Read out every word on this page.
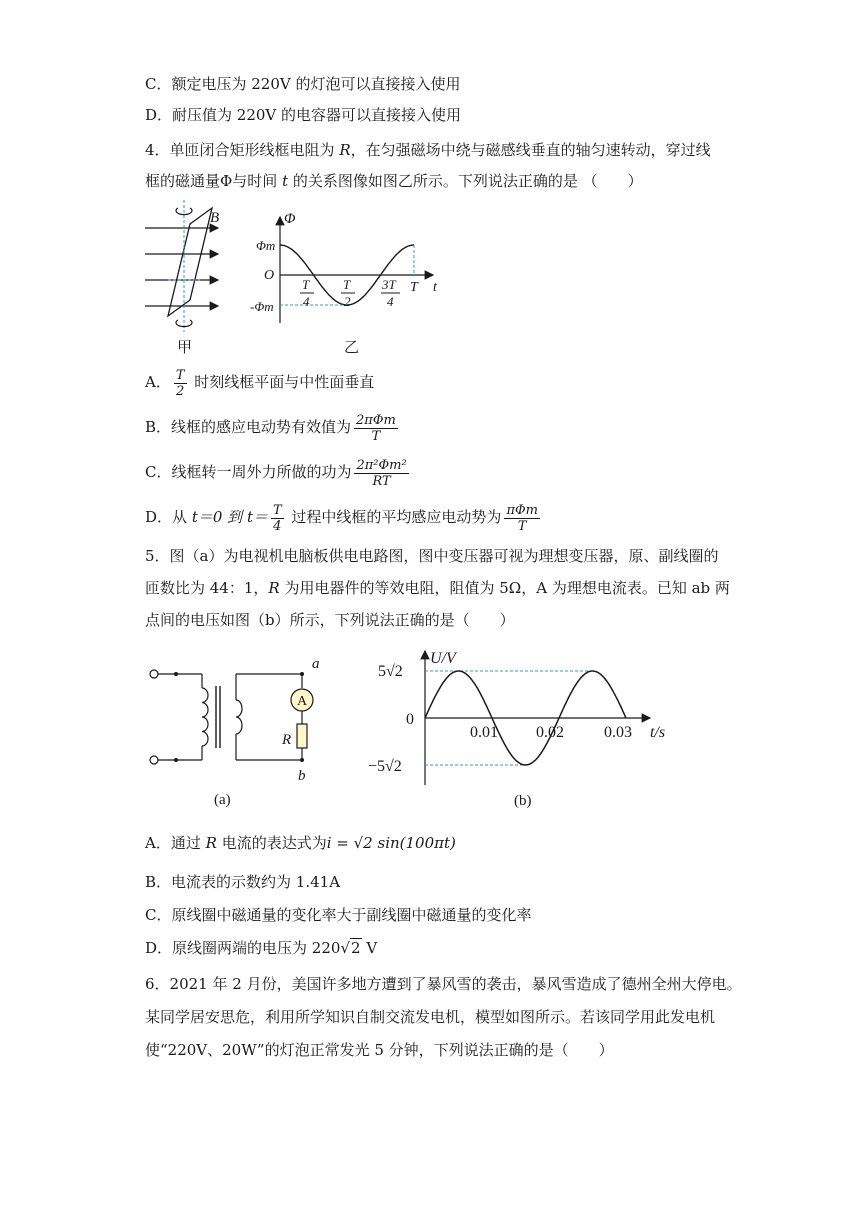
C．额定电压为 220V 的灯泡可以直接接入使用
D．耐压值为 220V 的电容器可以直接接入使用
4．单匝闭合矩形线框电阻为 R，在匀强磁场中绕与磁感线垂直的轴匀速转动，穿过线
框的磁通量Φ与时间 t 的关系图像如图乙所示。下列说法正确的是 （　　）
B
甲
Φ
Φm
O
-Φm
t
T
T
4
T
2
3T
4
乙
A． $\frac{T}{2}$ 时刻线框平面与中性面垂直
B．线框的感应电动势有效值为 $\frac{\text{2πΦm}}{T}$
C．线框转一周外力所做的功为 $\frac{\text{2π²Φm²}}{RT}$
D．从 t＝0 到 $t= \frac{T}{4}$ 过程中线框的平均感应电动势为 $\frac{\text{πΦm}}{T}$
5．图（a）为电视机电脑板供电电路图，图中变压器可视为理想变压器，原、副线圈的
匝数比为 44：1，R 为用电器件的等效电阻，阻值为 5Ω，A 为理想电流表。已知 ab 两
点间的电压如图（b）所示，下列说法正确的是（　　）
A
a
R
b
(a)
U/V
5√2
0
−5√2
0.01 0.02	0.03 t/s
(b)
A．通过 R 电流的表达式为i = √2 sin(100πt)
B．电流表的示数约为 1.41A
C．原线圈中磁通量的变化率大于副线圈中磁通量的变化率
D．原线圈两端的电压为 220√2 V
6．2021 年 2 月份，美国许多地方遭到了暴风雪的袭击，暴风雪造成了德州全州大停电。
某同学居安思危，利用所学知识自制交流发电机，模型如图所示。若该同学用此发电机
使“220V、20W”的灯泡正常发光 5 分钟，下列说法正确的是（　　）
